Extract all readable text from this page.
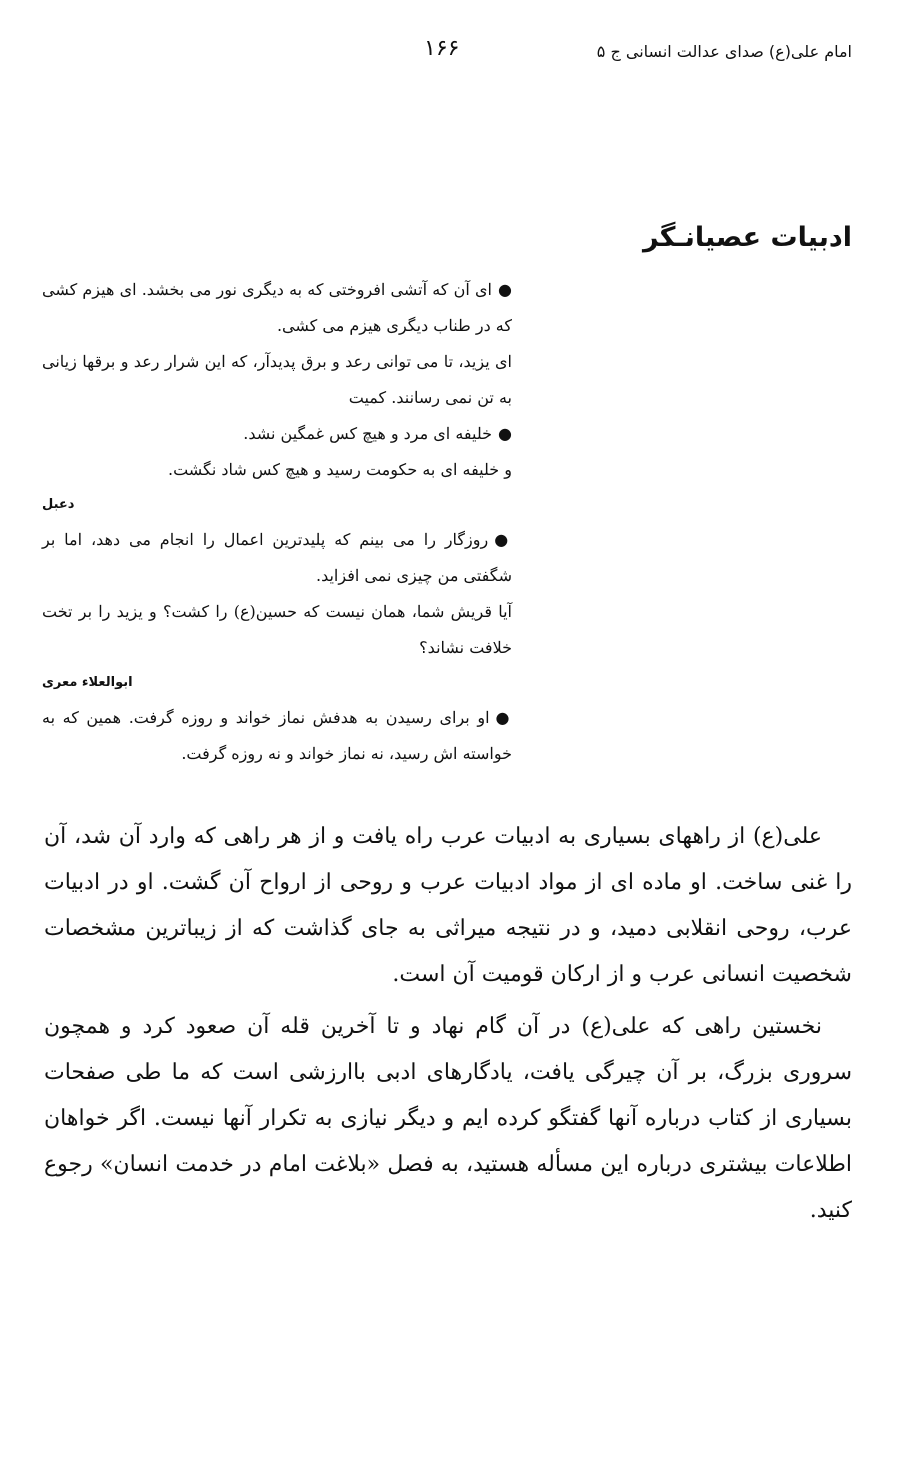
امام علی(ع) صدای عدالت انسانی ج ۵
۱۶۶
ادبیات عصیانـگر

●ای آن که آتشی افروختی که به دیگری نور می بخشد. ای هیزم کشی که در طناب دیگری هیزم می کشی.

ای یزید، تا می توانی رعد و برق پدیدآر، که این شرار رعد و برقها زیانی به تن نمی رسانند. کمیت

●خلیفه ای مرد و هیچ کس غمگین نشد.

و خلیفه ای به حکومت رسید و هیچ کس شاد نگشت.

دعبل

●روزگار را می بینم که پلیدترین اعمال را انجام می دهد، اما بر شگفتی من چیزی نمی افزاید.

آیا قریش شما، همان نیست که حسین(ع) را کشت؟ و یزید را بر تخت خلافت نشاند؟

ابوالعلاء معری

●او برای رسیدن به هدفش نماز خواند و روزه گرفت. همین که به خواسته اش رسید، نه نماز خواند و نه روزه گرفت.

علی(ع) از راههای بسیاری به ادبیات عرب راه یافت و از هر راهی که وارد آن شد، آن را غنی ساخت. او ماده ای از مواد ادبیات عرب و روحی از ارواح آن گشت. او در ادبیات عرب، روحی انقلابی دمید، و در نتیجه میراثی به جای گذاشت که از زیباترین مشخصات شخصیت انسانی عرب و از ارکان قومیت آن است.

نخستین راهی که علی(ع) در آن گام نهاد و تا آخرین قله آن صعود کرد و همچون سروری بزرگ، بر آن چیرگی یافت، یادگارهای ادبی باارزشی است که ما طی صفحات بسیاری از کتاب درباره آنها گفتگو کرده ایم و دیگر نیازی به تکرار آنها نیست. اگر خواهان اطلاعات بیشتری درباره این مسأله هستید، به فصل «بلاغت امام در خدمت انسان» رجوع کنید.
